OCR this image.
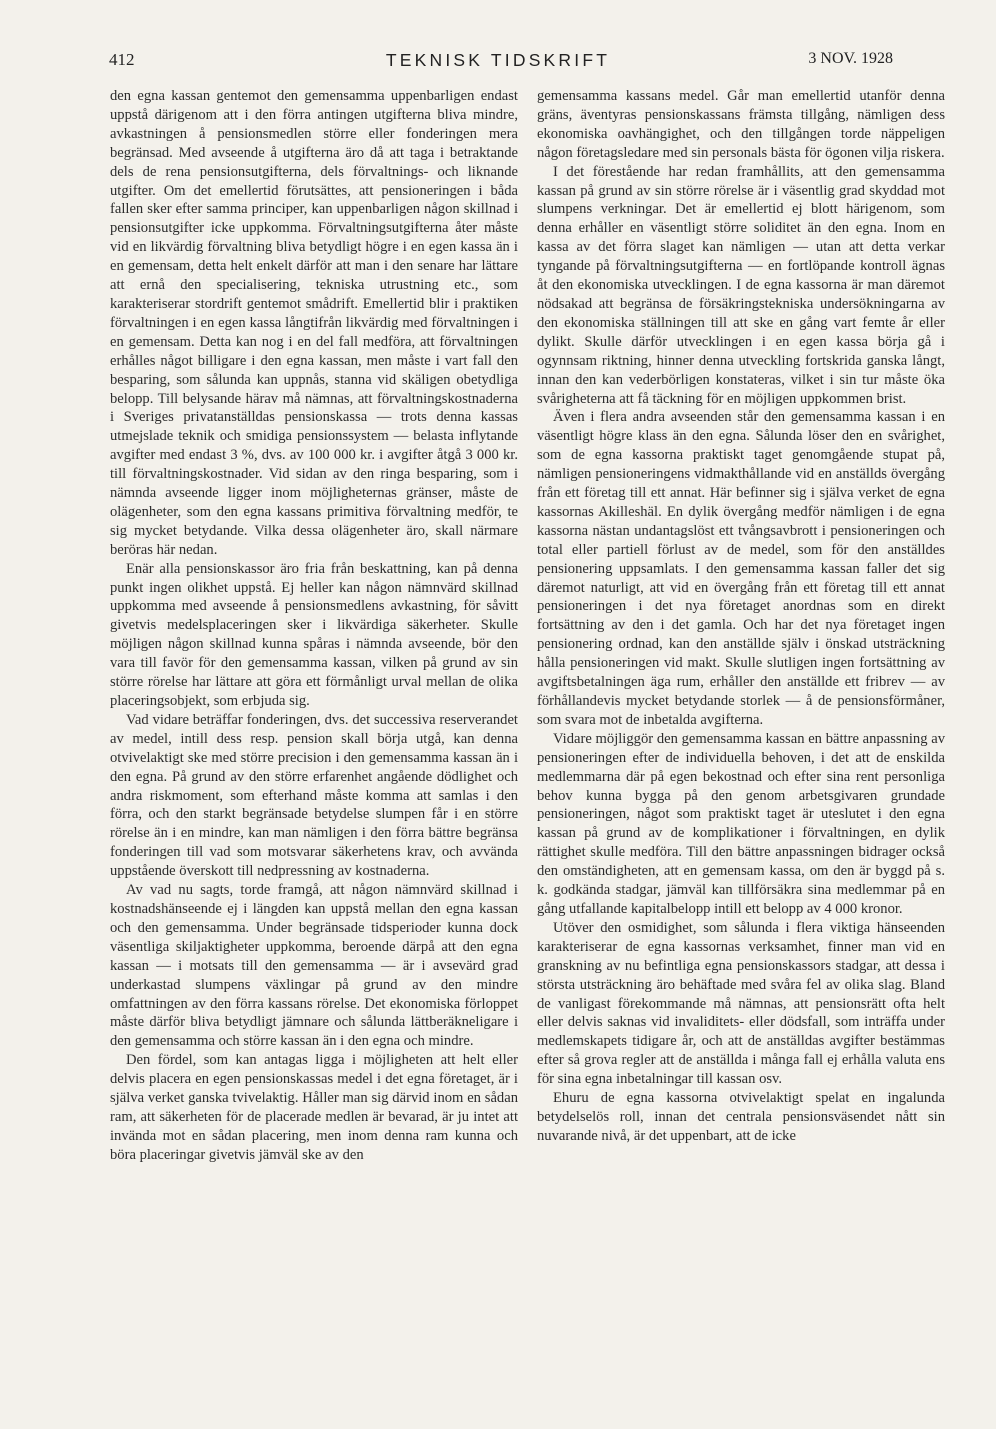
412	TEKNISK TIDSKRIFT	3 NOV. 1928

den egna kassan gentemot den gemensamma uppenbarligen endast uppstå därigenom att i den förra antingen utgifterna bliva mindre, avkastningen å pensionsmedlen större eller fonderingen mera begränsad. Med avseende å utgifterna äro då att taga i betraktande dels de rena pensionsutgifterna, dels förvaltnings- och liknande utgifter. Om det emellertid förutsättes, att pensioneringen i båda fallen sker efter samma principer, kan uppenbarligen någon skillnad i pensionsutgifter icke uppkomma. Förvaltningsutgifterna åter måste vid en likvärdig förvaltning bliva betydligt högre i en egen kassa än i en gemensam, detta helt enkelt därför att man i den senare har lättare att ernå den specialisering, tekniska utrustning etc., som karakteriserar stordrift gentemot smådrift. Emellertid blir i praktiken förvaltningen i en egen kassa långtifrån likvärdig med förvaltningen i en gemensam. Detta kan nog i en del fall medföra, att förvaltningen erhålles något billigare i den egna kassan, men måste i vart fall den besparing, som sålunda kan uppnås, stanna vid skäligen obetydliga belopp. Till belysande härav må nämnas, att förvaltningskostnaderna i Sveriges privatanställdas pensionskassa — trots denna kassas utmejslade teknik och smidiga pensionssystem — belasta inflytande avgifter med endast 3 %, dvs. av 100 000 kr. i avgifter åtgå 3 000 kr. till förvaltningskostnader. Vid sidan av den ringa besparing, som i nämnda avseende ligger inom möjligheternas gränser, måste de olägenheter, som den egna kassans primitiva förvaltning medför, te sig mycket betydande. Vilka dessa olägenheter äro, skall närmare beröras här nedan.

Enär alla pensionskassor äro fria från beskattning, kan på denna punkt ingen olikhet uppstå. Ej heller kan någon nämnvärd skillnad uppkomma med avseende å pensionsmedlens avkastning, för såvitt givetvis medelsplaceringen sker i likvärdiga säkerheter. Skulle möjligen någon skillnad kunna spåras i nämnda avseende, bör den vara till favör för den gemensamma kassan, vilken på grund av sin större rörelse har lättare att göra ett förmånligt urval mellan de olika placeringsobjekt, som erbjuda sig.

Vad vidare beträffar fonderingen, dvs. det successiva reserverandet av medel, intill dess resp. pension skall börja utgå, kan denna otvivelaktigt ske med större precision i den gemensamma kassan än i den egna. På grund av den större erfarenhet angående dödlighet och andra riskmoment, som efterhand måste komma att samlas i den förra, och den starkt begränsade betydelse slumpen får i en större rörelse än i en mindre, kan man nämligen i den förra bättre begränsa fonderingen till vad som motsvarar säkerhetens krav, och avvända uppstående överskott till nedpressning av kostnaderna.

Av vad nu sagts, torde framgå, att någon nämnvärd skillnad i kostnadshänseende ej i längden kan uppstå mellan den egna kassan och den gemensamma. Under begränsade tidsperioder kunna dock väsentliga skiljaktigheter uppkomma, beroende därpå att den egna kassan — i motsats till den gemensamma — är i avsevärd grad underkastad slumpens växlingar på grund av den mindre omfattningen av den förra kassans rörelse. Det ekonomiska förloppet måste därför bliva betydligt jämnare och sålunda lättberäkneligare i den gemensamma och större kassan än i den egna och mindre.

Den fördel, som kan antagas ligga i möjligheten att helt eller delvis placera en egen pensionskassas medel i det egna företaget, är i själva verket ganska tvivelaktig. Håller man sig därvid inom en sådan ram, att säkerheten för de placerade medlen är bevarad, är ju intet att invända mot en sådan placering, men inom denna ram kunna och böra placeringar givetvis jämväl ske av den

gemensamma kassans medel. Går man emellertid utanför denna gräns, äventyras pensionskassans främsta tillgång, nämligen dess ekonomiska oavhängighet, och den tillgången torde näppeligen någon företagsledare med sin personals bästa för ögonen vilja riskera.

I det förestående har redan framhållits, att den gemensamma kassan på grund av sin större rörelse är i väsentlig grad skyddad mot slumpens verkningar. Det är emellertid ej blott härigenom, som denna erhåller en väsentligt större soliditet än den egna. Inom en kassa av det förra slaget kan nämligen — utan att detta verkar tyngande på förvaltningsutgifterna — en fortlöpande kontroll ägnas åt den ekonomiska utvecklingen. I de egna kassorna är man däremot nödsakad att begränsa de försäkringstekniska undersökningarna av den ekonomiska ställningen till att ske en gång vart femte år eller dylikt. Skulle därför utvecklingen i en egen kassa börja gå i ogynnsam riktning, hinner denna utveckling fortskrida ganska långt, innan den kan vederbörligen konstateras, vilket i sin tur måste öka svårigheterna att få täckning för en möjligen uppkommen brist.

Även i flera andra avseenden står den gemensamma kassan i en väsentligt högre klass än den egna. Sålunda löser den en svårighet, som de egna kassorna praktiskt taget genomgående stupat på, nämligen pensioneringens vidmakthållande vid en anställds övergång från ett företag till ett annat. Här befinner sig i själva verket de egna kassornas Akilleshäl. En dylik övergång medför nämligen i de egna kassorna nästan undantagslöst ett tvångsavbrott i pensioneringen och total eller partiell förlust av de medel, som för den anställdes pensionering uppsamlats. I den gemensamma kassan faller det sig däremot naturligt, att vid en övergång från ett företag till ett annat pensioneringen i det nya företaget anordnas som en direkt fortsättning av den i det gamla. Och har det nya företaget ingen pensionering ordnad, kan den anställde själv i önskad utsträckning hålla pensioneringen vid makt. Skulle slutligen ingen fortsättning av avgiftsbetalningen äga rum, erhåller den anställde ett fribrev — av förhållandevis mycket betydande storlek — å de pensionsförmåner, som svara mot de inbetalda avgifterna.

Vidare möjliggör den gemensamma kassan en bättre anpassning av pensioneringen efter de individuella behoven, i det att de enskilda medlemmarna där på egen bekostnad och efter sina rent personliga behov kunna bygga på den genom arbetsgivaren grundade pensioneringen, något som praktiskt taget är uteslutet i den egna kassan på grund av de komplikationer i förvaltningen, en dylik rättighet skulle medföra. Till den bättre anpassningen bidrager också den omständigheten, att en gemensam kassa, om den är byggd på s. k. godkända stadgar, jämväl kan tillförsäkra sina medlemmar på en gång utfallande kapitalbelopp intill ett belopp av 4 000 kronor.

Utöver den osmidighet, som sålunda i flera viktiga hänseenden karakteriserar de egna kassornas verksamhet, finner man vid en granskning av nu befintliga egna pensionskassors stadgar, att dessa i största utsträckning äro behäftade med svåra fel av olika slag. Bland de vanligast förekommande må nämnas, att pensionsrätt ofta helt eller delvis saknas vid invaliditets- eller dödsfall, som inträffa under medlemskapets tidigare år, och att de anställdas avgifter bestämmas efter så grova regler att de anställda i många fall ej erhålla valuta ens för sina egna inbetalningar till kassan osv.

Ehuru de egna kassorna otvivelaktigt spelat en ingalunda betydelselös roll, innan det centrala pensionsväsendet nått sin nuvarande nivå, är det uppenbart, att de icke
